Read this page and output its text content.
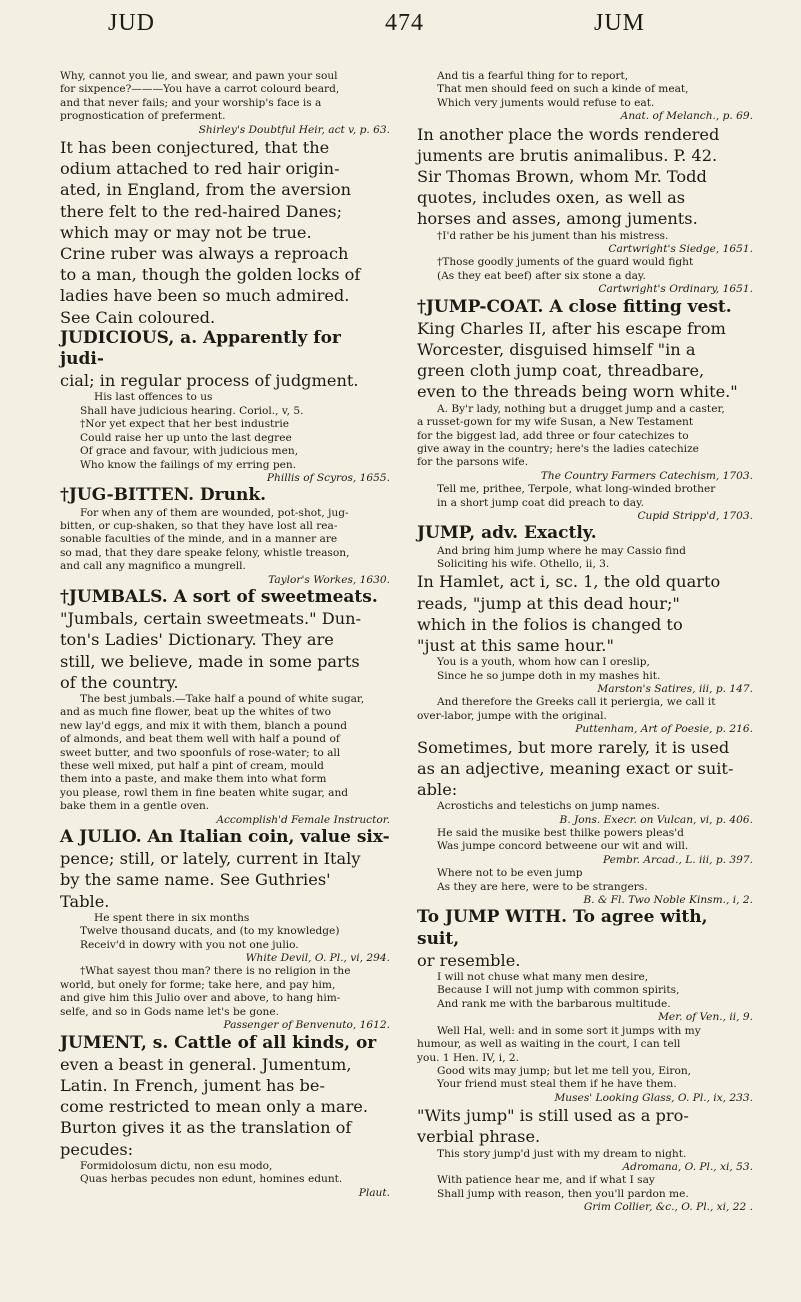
JUD	474	JUM

Why, cannot you lie, and swear, and pawn your soul

for sixpence?———You have a carrot colourd beard,

and that never fails; and your worship's face is a

prognostication of preferment.

Shirley's Doubtful Heir, act v, p. 63.

It has been conjectured, that the

odium attached to red hair origin-

ated, in England, from the aversion

there felt to the red-haired Danes;

which may or may not be true.

Crine ruber was always a reproach

to a man, though the golden locks of

ladies have been so much admired.

See Cain coloured.

JUDICIOUS, a. Apparently for judi-

cial; in regular process of judgment.

His last offences to us

Shall have judicious hearing. Coriol., v, 5.

†Nor yet expect that her best industrie

Could raise her up unto the last degree

Of grace and favour, with judicious men,

Who know the failings of my erring pen.

Phillis of Scyros, 1655.

†JUG-BITTEN. Drunk.

For when any of them are wounded, pot-shot, jug-

bitten, or cup-shaken, so that they have lost all rea-

sonable faculties of the minde, and in a manner are

so mad, that they dare speake felony, whistle treason,

and call any magnifico a mungrell.

Taylor's Workes, 1630.

†JUMBALS. A sort of sweetmeats.

"Jumbals, certain sweetmeats." Dun-

ton's Ladies' Dictionary. They are

still, we believe, made in some parts

of the country.

The best jumbals.—Take half a pound of white sugar,

and as much fine flower, beat up the whites of two

new lay'd eggs, and mix it with them, blanch a pound

of almonds, and beat them well with half a pound of

sweet butter, and two spoonfuls of rose-water; to all

these well mixed, put half a pint of cream, mould

them into a paste, and make them into what form

you please, rowl them in fine beaten white sugar, and

bake them in a gentle oven.

Accomplish'd Female Instructor.

A JULIO. An Italian coin, value six-

pence; still, or lately, current in Italy

by the same name. See Guthries'

Table.

He spent there in six months

Twelve thousand ducats, and (to my knowledge)

Receiv'd in dowry with you not one julio.

White Devil, O. Pl., vi, 294.

†What sayest thou man? there is no religion in the

world, but onely for forme; take here, and pay him,

and give him this Julio over and above, to hang him-

selfe, and so in Gods name let's be gone.

Passenger of Benvenuto, 1612.

JUMENT, s. Cattle of all kinds, or

even a beast in general. Jumentum,

Latin. In French, jument has be-

come restricted to mean only a mare.

Burton gives it as the translation of

pecudes:

Formidolosum dictu, non esu modo,

Quas herbas pecudes non edunt, homines edunt.

Plaut.

And tis a fearful thing for to report,

That men should feed on such a kinde of meat,

Which very juments would refuse to eat.

Anat. of Melanch., p. 69.

In another place the words rendered

juments are brutis animalibus. P. 42.

Sir Thomas Brown, whom Mr. Todd

quotes, includes oxen, as well as

horses and asses, among juments.

†I'd rather be his jument than his mistress.

Cartwright's Siedge, 1651.

†Those goodly juments of the guard would fight

(As they eat beef) after six stone a day.

Cartwright's Ordinary, 1651.

†JUMP-COAT. A close fitting vest.

King Charles II, after his escape from

Worcester, disguised himself "in a

green cloth jump coat, threadbare,

even to the threads being worn white."

A. By'r lady, nothing but a drugget jump and a caster,

a russet-gown for my wife Susan, a New Testament

for the biggest lad, add three or four catechizes to

give away in the country; here's the ladies catechize

for the parsons wife.

The Country Farmers Catechism, 1703.

Tell me, prithee, Terpole, what long-winded brother

in a short jump coat did preach to day.

Cupid Stripp'd, 1703.

JUMP, adv. Exactly.

And bring him jump where he may Cassio find

Soliciting his wife. Othello, ii, 3.

In Hamlet, act i, sc. 1, the old quarto

reads, "jump at this dead hour;"

which in the folios is changed to

"just at this same hour."

You is a youth, whom how can I oreslip,

Since he so jumpe doth in my mashes hit.

Marston's Satires, iii, p. 147.

And therefore the Greeks call it periergia, we call it

over-labor, jumpe with the original.

Puttenham, Art of Poesie, p. 216.

Sometimes, but more rarely, it is used

as an adjective, meaning exact or suit-

able:

Acrostichs and telestichs on jump names.

B. Jons. Execr. on Vulcan, vi, p. 406.

He said the musike best thilke powers pleas'd

Was jumpe concord betweene our wit and will.

Pembr. Arcad., L. iii, p. 397.

Where not to be even jump

As they are here, were to be strangers.

B. & Fl. Two Noble Kinsm., i, 2.

To JUMP WITH. To agree with, suit,

or resemble.

I will not chuse what many men desire,

Because I will not jump with common spirits,

And rank me with the barbarous multitude.

Mer. of Ven., ii, 9.

Well Hal, well: and in some sort it jumps with my

humour, as well as waiting in the court, I can tell

you. 1 Hen. IV, i, 2.

Good wits may jump; but let me tell you, Eiron,

Your friend must steal them if he have them.

Muses' Looking Glass, O. Pl., ix, 233.

"Wits jump" is still used as a pro-

verbial phrase.

This story jump'd just with my dream to night.

Adromana, O. Pl., xi, 53.

With patience hear me, and if what I say

Shall jump with reason, then you'll pardon me.

Grim Collier, &c., O. Pl., xi, 22 .
